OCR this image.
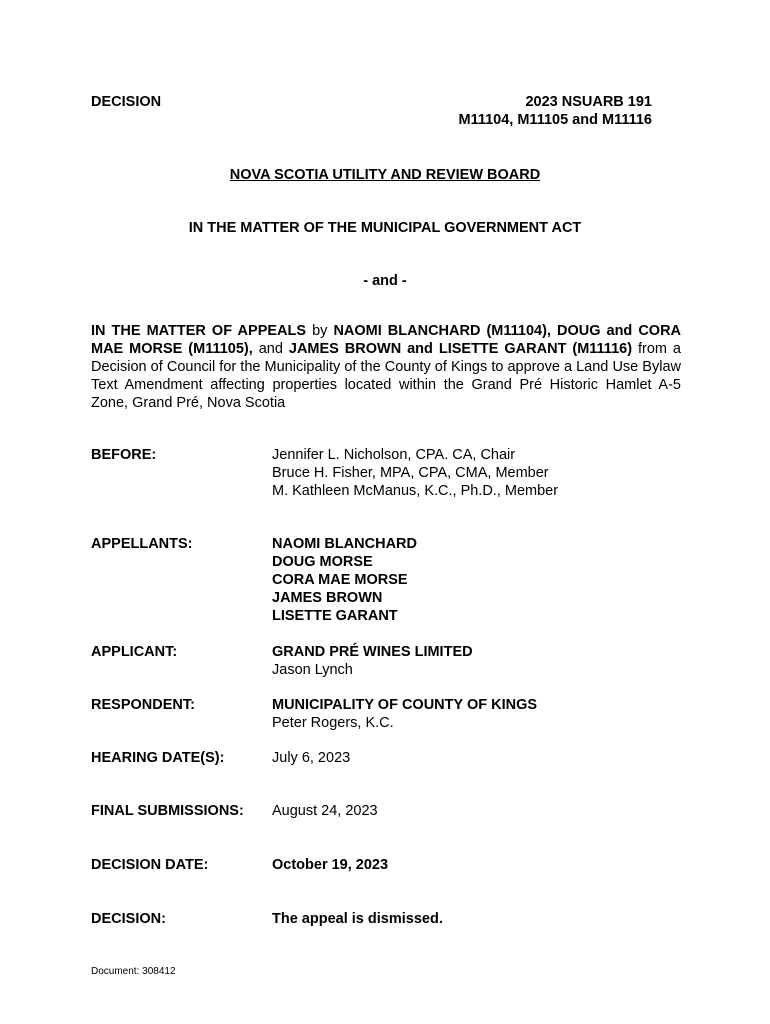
DECISION	2023 NSUARB 191
M11104, M11105 and M11116
NOVA SCOTIA UTILITY AND REVIEW BOARD
IN THE MATTER OF THE MUNICIPAL GOVERNMENT ACT
- and -

IN THE MATTER OF APPEALS by NAOMI BLANCHARD (M11104), DOUG and CORA MAE MORSE (M11105), and JAMES BROWN and LISETTE GARANT (M11116) from a Decision of Council for the Municipality of the County of Kings to approve a Land Use Bylaw Text Amendment affecting properties located within the Grand Pré Historic Hamlet A-5 Zone, Grand Pré, Nova Scotia

BEFORE:	Jennifer L. Nicholson, CPA. CA, Chair
Bruce H. Fisher, MPA, CPA, CMA, Member
M. Kathleen McManus, K.C., Ph.D., Member
APPELLANTS:	NAOMI BLANCHARD
DOUG MORSE
CORA MAE MORSE
JAMES BROWN
LISETTE GARANT
APPLICANT:	GRAND PRÉ WINES LIMITED
Jason Lynch
RESPONDENT:	MUNICIPALITY OF COUNTY OF KINGS
Peter Rogers, K.C.
HEARING DATE(S):	July 6, 2023
FINAL SUBMISSIONS: August 24, 2023
DECISION DATE:	October 19, 2023
DECISION:	The appeal is dismissed.
Document: 308412
